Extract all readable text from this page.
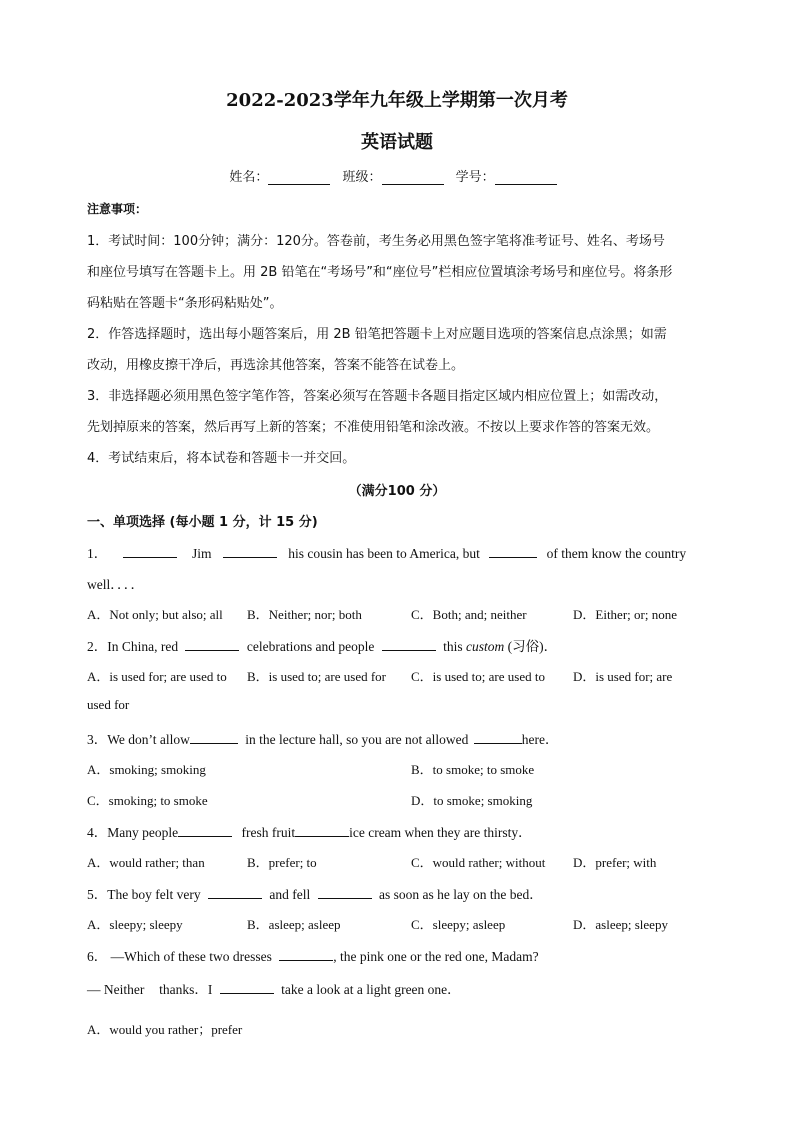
2022-2023学年九年级上学期第一次月考
英语试题
姓名：	班级：	学号：
注意事项：
1．考试时间：100分钟；满分：120分。答卷前，考生务必用黑色签字笔将准考证号、姓名、考场号
和座位号填写在答题卡上。用 2B 铅笔在“考场号”和“座位号”栏相应位置填涂考场号和座位号。将条形
码粘贴在答题卡“条形码粘贴处”。
2．作答选择题时，选出每小题答案后，用 2B 铅笔把答题卡上对应题目选项的答案信息点涂黑；如需
改动，用橡皮擦干净后，再选涂其他答案，答案不能答在试卷上。
3．非选择题必须用黑色签字笔作答，答案必须写在答题卡各题目指定区域内相应位置上；如需改动，
先划掉原来的答案，然后再写上新的答案；不准使用铅笔和涂改液。不按以上要求作答的答案无效。
4．考试结束后，将本试卷和答题卡一并交回。
（满分100 分）
一、单项选择 (每小题 1 分，计 15 分)
1．	Jim	his cousin has been to America, but	of them know the country
well．．．．
A．Not only; but also; all B．Neither; nor; both	C．Both; and; neither	D．Either; or; none
2．In China, red	celebrations and people	this custom (习俗)．
A．is used for; are used to B．is used to; are used for C．is used to; are used to D．is used for; are
used for
3．We don’t allow	in the lecture hall, so you are not allowed	here．
A．smoking; smoking	B．to smoke; to smoke
C．smoking; to smoke	D．to smoke; smoking
4．Many people	fresh fruit	ice cream when they are thirsty．
A．would rather; than	B．prefer; to	C．would rather; without D．prefer; with
5．The boy felt very	and fell	as soon as he lay on the bed．
A．sleepy; sleepy	B．asleep; asleep	C．sleepy; asleep	D．asleep; sleepy
6． —Which of these two dresses	, the pink one or the red one, Madam?
— Neither thanks．I	take a look at a light green one．
A．would you rather；prefer
